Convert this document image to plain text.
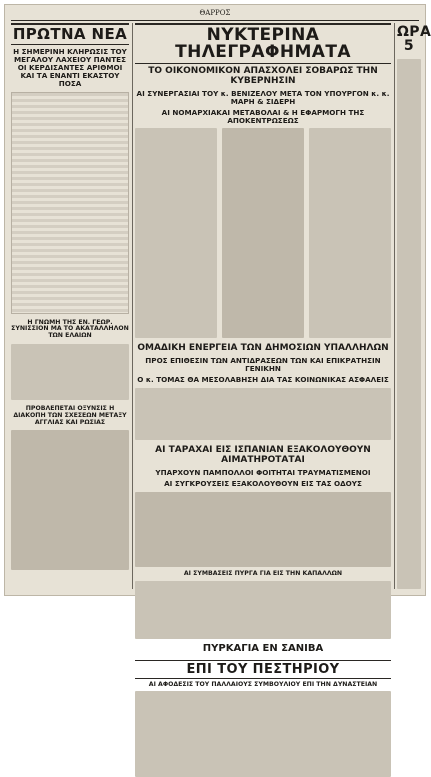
ΘΑΡΡΟΣ
ΠΡΩΤΝΑ ΝΕΑ
Η ΣΗΜΕΡΙΝΗ ΚΛΗΡΩΣΙΣ ΤΟΥ ΜΕΓΑΛΟΥ ΛΑΧΕΙΟΥ ΠΑΝΤΕΣ ΟΙ ΚΕΡΔΙΣΑΝΤΕΣ ΑΡΙΘΜΟΙ ΚΑΙ ΤΑ ΕΝΑΝΤΙ ΕΚΑΣΤΟΥ ΠΟΣΑ
Η ΓΝΩΜΗ ΤΗΣ ΕΝ. ΓΕΩΡ. ΣΥΝΙΣΣΙΟΝ ΜΑ ΤΟ ΑΚΑΤΑΛΛΗΛΟΝ ΤΩΝ ΕΛΑΙΩΝ
ΠΡΟΒΛΕΠΕΤΑΙ ΟΞΥΝΣΙΣ Η ΔΙΑΚΟΠΗ ΤΩΝ ΣΧΕΣΕΩΝ ΜΕΤΑΞΥ ΑΓΓΛΙΑΣ ΚΑΙ ΡΩΣΙΑΣ
ΝΥΚΤΕΡΙΝΑ ΤΗΛΕΓΡΑΦΗΜΑΤΑ
ΤΟ ΟΙΚΟΝΟΜΙΚΟΝ ΑΠΑΣΧΟΛΕΙ ΣΟΒΑΡΩΣ ΤΗΝ ΚΥΒΕΡΝΗΣΙΝ
ΑΙ ΣΥΝΕΡΓΑΣΙΑΙ ΤΟΥ κ. ΒΕΝΙΖΕΛΟΥ ΜΕΤΑ ΤΟΝ ΥΠΟΥΡΓΟΝ κ. κ. ΜΑΡΗ & ΣΙΔΕΡΗ
ΑΙ ΝΟΜΑΡΧΙΑΚΑΙ ΜΕΤΑΒΟΛΑΙ & Η ΕΦΑΡΜΟΓΗ ΤΗΣ ΑΠΟΚΕΝΤΡΩΣΕΩΣ
ΟΜΑΔΙΚΗ ΕΝΕΡΓΕΙΑ ΤΩΝ ΔΗΜΟΣΙΩΝ ΥΠΑΛΛΗΛΩΝ
ΠΡΟΣ ΕΠΙΘΕΣΙΝ ΤΩΝ ΑΝΤΙΔΡΑΣΕΩΝ ΤΩΝ ΚΑΙ ΕΠΙΚΡΑΤΗΣΙΝ ΓΕΝΙΚΗΝ
Ο κ. ΤΟΜΑΣ ΘΑ ΜΕΣΟΛΑΒΗΣΗ ΔΙΑ ΤΑΣ ΚΟΙΝΩΝΙΚΑΣ ΑΣΦΑΛΕΙΣ
ΑΙ ΤΑΡΑΧΑΙ ΕΙΣ ΙΣΠΑΝΙΑΝ ΕΞΑΚΟΛΟΥΘΟΥΝ ΑΙΜΑΤΗΡΟΤΑΤΑΙ
ΥΠΑΡΧΟΥΝ ΠΑΜΠΟΛΛΟΙ ΦΟΙΤΗΤΑΙ ΤΡΑΥΜΑΤΙΣΜΕΝΟΙ
ΑΙ ΣΥΓΚΡΟΥΣΕΙΣ ΕΞΑΚΟΛΟΥΘΟΥΝ ΕΙΣ ΤΑΣ ΟΔΟΥΣ
ΑΙ ΣΥΜΒΑΣΕΙΣ ΠΥΡΓΑ ΓΙΑ ΕΙΣ ΤΗΝ ΚΑΠΑΛΛΩΝ
ΠΥΡΚΑΓΙΑ ΕΝ ΣΑΝΙΒΑ
ΕΠΙ ΤΟΥ ΠΕΣΤΗΡΙΟΥ
ΑΙ ΑΦΟΔΕΣΙΣ ΤΟΥ ΠΑΛΛΑΙΟΥΣ ΣΥΜΒΟΥΛΙΟΥ ΕΠΙ ΤΗΝ ΔΥΝΑΣΤΕΙΑΝ
ΩΡΑ 5
